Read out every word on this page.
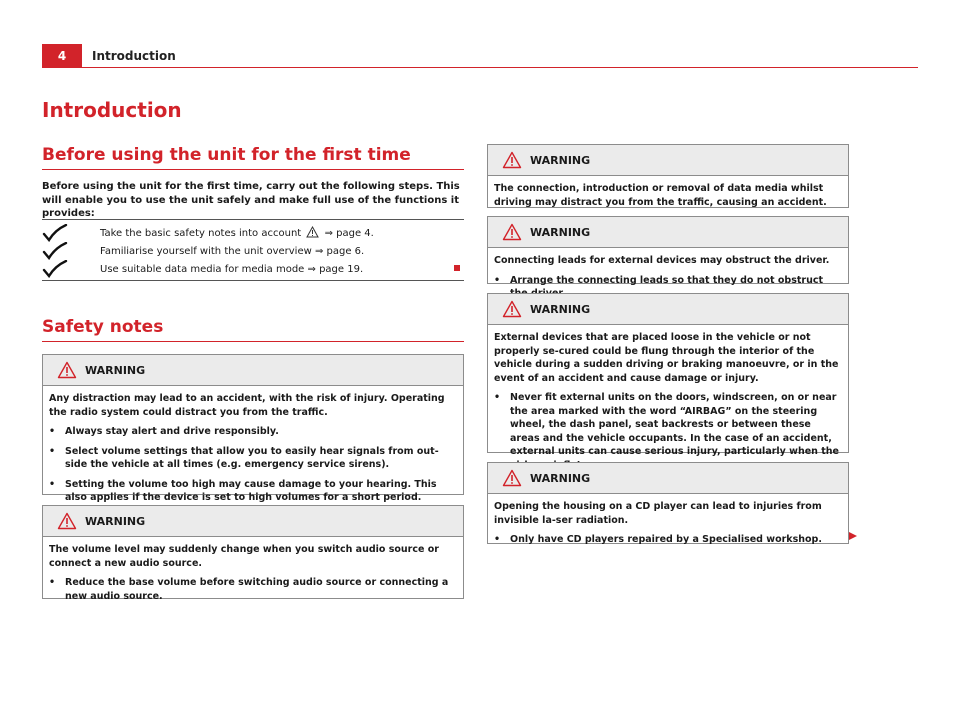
4	Introduction
Introduction
Before using the unit for the first time
Before using the unit for the first time, carry out the following steps. This will enable you to use the unit safely and make full use of the functions it provides:
Take the basic safety notes into account ⇒ page 4.
Familiarise yourself with the unit overview ⇒ page 6.
Use suitable data media for media mode ⇒ page 19.
Safety notes
WARNING

Any distraction may lead to an accident, with the risk of injury. Operating the radio system could distract you from the traffic.

•	Always stay alert and drive responsibly.

•	Select volume settings that allow you to easily hear signals from out-side the vehicle at all times (e.g. emergency service sirens).

•	Setting the volume too high may cause damage to your hearing. This also applies if the device is set to high volumes for a short period.

WARNING

The volume level may suddenly change when you switch audio source or connect a new audio source.

•	Reduce the base volume before switching audio source or connecting a new audio source.

WARNING

The connection, introduction or removal of data media whilst driving may distract you from the traffic, causing an accident.

WARNING

Connecting leads for external devices may obstruct the driver.

•	Arrange the connecting leads so that they do not obstruct

WARNING

External devices that are placed loose in the vehicle or not properly se-cured could be flung through the interior of the vehicle during a sudden driving or braking manoeuvre, or in the event of an accident and cause damage or injury.

•	Never fit external units on the doors, windscreen, on or near the area marked with the word “AIRBAG” on the steering wheel, the dash panel, seat backrests or between these areas and the vehicle occupants. In the case of an accident, external units can cause serious injury, particularly when the

WARNING

Opening the housing on a CD player can lead to injuries from invisible la-ser radiation.

•	Only have CD players repaired by a Specialised workshop.
